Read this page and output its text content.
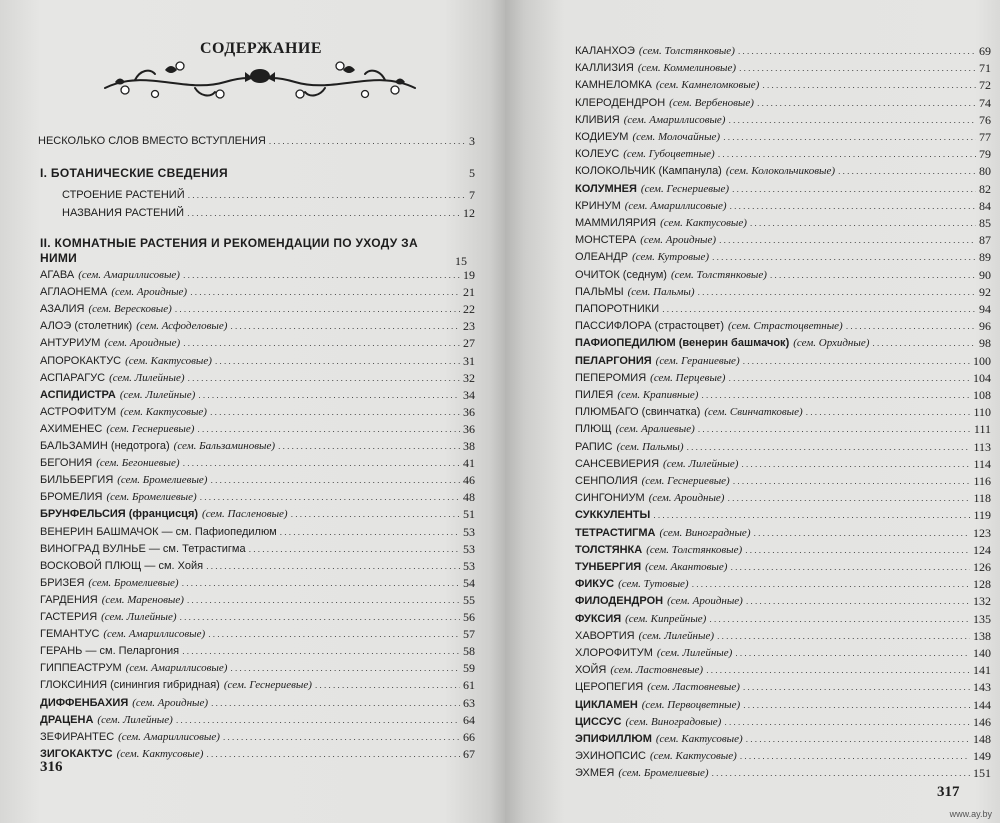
СОДЕРЖАНИЕ
НЕСКОЛЬКО СЛОВ ВМЕСТО ВСТУПЛЕНИЯ .....	3
I. БОТАНИЧЕСКИЕ СВЕДЕНИЯ	5
СТРОЕНИЕ РАСТЕНИЙ .....	7
НАЗВАНИЯ РАСТЕНИЙ .....	12
II. КОМНАТНЫЕ РАСТЕНИЯ И РЕКОМЕНДАЦИИ ПО УХОДУ ЗА НИМИ	15
АГАВА (сем. Амариллисовые) .....	19
АГЛАОНЕМА (сем. Ароидные) .....	21
АЗАЛИЯ (сем. Вересковые) .....	22
АЛОЭ (столетник) (сем. Асфоделовые) .....	23
АНТУРИУМ (сем. Ароидные) .....	27
АПОРОКАКТУС (сем. Кактусовые) .....	31
АСПАРАГУС (сем. Лилейные) .....	32
АСПИДИСТРА (сем. Лилейные) .....	34
АСТРОФИТУМ (сем. Кактусовые) .....	36
АХИМЕНЕС (сем. Геснериевые) .....	36
БАЛЬЗАМИН (недотрога) (сем. Бальзаминовые) .....	38
БЕГОНИЯ (сем. Бегониевые) .....	41
БИЛЬБЕРГИЯ (сем. Бромелиевые) .....	46
БРОМЕЛИЯ (сем. Бромелиевые) .....	48
БРУНФЕЛЬСИЯ (францисця) (сем. Пасленовые) .....	51
ВЕНЕРИН БАШМАЧОК — см. Пафиопедилюм .....	53
ВИНОГРАД ВУЛНЬЕ — см. Тетрастигма .....	53
ВОСКОВОЙ ПЛЮЩ — см. Хойя .....	53
БРИЗЕЯ (сем. Бромелиевые) .....	54
ГАРДЕНИЯ (сем. Мареновые) .....	55
ГАСТЕРИЯ (сем. Лилейные) .....	56
ГЕМАНТУС (сем. Амариллисовые) .....	57
ГЕРАНЬ — см. Пеларгония .....	58
ГИППЕАСТРУМ (сем. Амариллисовые) .....	59
ГЛОКСИНИЯ (синингия гибридная) (сем. Геснериевые) .....	61
ДИФФЕНБАХИЯ (сем. Ароидные) .....	63
ДРАЦЕНА (сем. Лилейные) .....	64
ЗЕФИРАНТЕС (сем. Амариллисовые) .....	66
ЗИГОКАКТУС (сем. Кактусовые) .....	67
316
КАЛАНХОЭ (сем. Толстянковые) .....	69
КАЛЛИЗИЯ (сем. Коммелиновые) .....	71
КАМНЕЛОМКА (сем. Камнеломковые) .....	72
КЛЕРОДЕНДРОН (сем. Вербеновые) .....	74
КЛИВИЯ (сем. Амариллисовые) .....	76
КОДИЕУМ (сем. Молочайные) .....	77
КОЛЕУС (сем. Губоцветные) .....	79
КОЛОКОЛЬЧИК (Кампанула) (сем. Колокольчиковые) .....	80
КОЛУМНЕЯ (сем. Геснериевые) .....	82
КРИНУМ (сем. Амариллисовые) .....	84
МАММИЛЯРИЯ (сем. Кактусовые) .....	85
МОНСТЕРА (сем. Ароидные) .....	87
ОЛЕАНДР (сем. Кутровые) .....	89
ОЧИТОК (седнум) (сем. Толстянковые) .....	90
ПАЛЬМЫ (сем. Пальмы) .....	92
ПАПОРОТНИКИ .....	94
ПАССИФЛОРА (страстоцвет) (сем. Страстоцветные) .....	96
ПАФИОПЕДИЛЮМ (венерин башмачок) (сем. Орхидные) .....	98
ПЕЛАРГОНИЯ (сем. Гераниевые) .....	100
ПЕПЕРОМИЯ (сем. Перцевые) .....	104
ПИЛЕЯ (сем. Крапивные) .....	108
ПЛЮМБАГО (свинчатка) (сем. Свинчатковые) .....	110
ПЛЮЩ (сем. Аралиевые) .....	111
РАПИС (сем. Пальмы) .....	113
САНСЕВИЕРИЯ (сем. Лилейные) .....	114
СЕНПОЛИЯ (сем. Геснериевые) .....	116
СИНГОНИУМ (сем. Ароидные) .....	118
СУККУЛЕНТЫ .....	119
ТЕТРАСТИГМА (сем. Виноградные) .....	123
ТОЛСТЯНКА (сем. Толстянковые) .....	124
ТУНБЕРГИЯ (сем. Акантовые) .....	126
ФИКУС (сем. Тутовые) .....	128
ФИЛОДЕНДРОН (сем. Ароидные) .....	132
ФУКСИЯ (сем. Кипрейные) .....	135
ХАВОРТИЯ (сем. Лилейные) .....	138
ХЛОРОФИТУМ (сем. Лилейные) .....	140
ХОЙЯ (сем. Ластовневые) .....	141
ЦЕРОПЕГИЯ (сем. Ластовневые) .....	143
ЦИКЛАМЕН (сем. Первоцветные) .....	144
ЦИССУС (сем. Виноградовые) .....	146
ЭПИФИЛЛЮМ (сем. Кактусовые) .....	148
ЭХИНОПСИС (сем. Кактусовые) .....	149
ЭХМЕЯ (сем. Бромелиевые) .....	151
317
www.ay.by
